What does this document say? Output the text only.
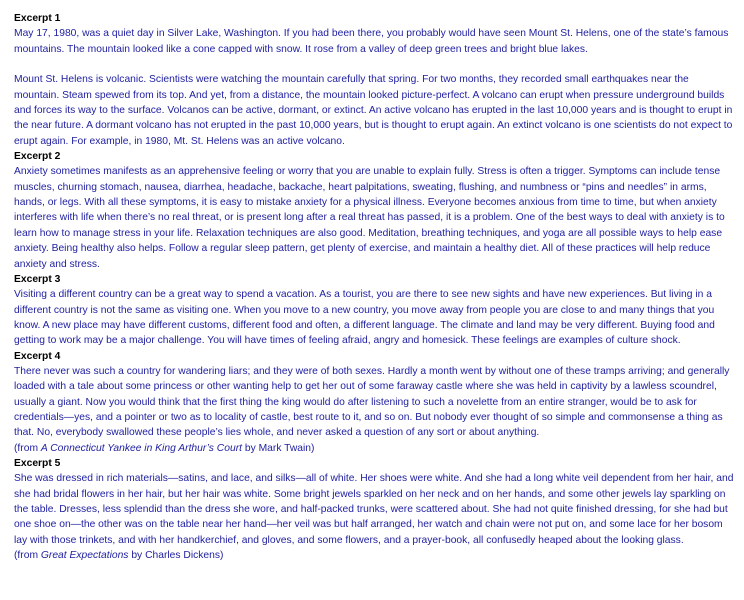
Excerpt 1

May 17, 1980, was a quiet day in Silver Lake, Washington. If you had been there, you probably would have seen Mount St. Helens, one of the state’s famous mountains. The mountain looked like a cone capped with snow. It rose from a valley of deep green trees and bright blue lakes.

Mount St. Helens is volcanic. Scientists were watching the mountain carefully that spring. For two months, they recorded small earthquakes near the mountain. Steam spewed from its top. And yet, from a distance, the mountain looked picture-perfect. A volcano can erupt when pressure underground builds and forces its way to the surface. Volcanos can be active, dormant, or extinct. An active volcano has erupted in the last 10,000 years and is thought to erupt in the near future. A dormant volcano has not erupted in the past 10,000 years, but is thought to erupt again. An extinct volcano is one scientists do not expect to erupt again. For example, in 1980, Mt. St. Helens was an active volcano.

Excerpt 2

Anxiety sometimes manifests as an apprehensive feeling or worry that you are unable to explain fully. Stress is often a trigger. Symptoms can include tense muscles, churning stomach, nausea, diarrhea, headache, backache, heart palpitations, sweating, flushing, and numbness or “pins and needles” in arms, hands, or legs. With all these symptoms, it is easy to mistake anxiety for a physical illness. Everyone becomes anxious from time to time, but when anxiety interferes with life when there’s no real threat, or is present long after a real threat has passed, it is a problem. One of the best ways to deal with anxiety is to learn how to manage stress in your life. Relaxation techniques are also good. Meditation, breathing techniques, and yoga are all possible ways to help ease anxiety. Being healthy also helps. Follow a regular sleep pattern, get plenty of exercise, and maintain a healthy diet. All of these practices will help reduce anxiety and stress.

Excerpt 3

Visiting a different country can be a great way to spend a vacation. As a tourist, you are there to see new sights and have new experiences. But living in a different country is not the same as visiting one. When you move to a new country, you move away from people you are close to and many things that you know. A new place may have different customs, different food and often, a different language. The climate and land may be very different. Buying food and getting to work may be a major challenge. You will have times of feeling afraid, angry and homesick. These feelings are examples of culture shock.

Excerpt 4

There never was such a country for wandering liars; and they were of both sexes. Hardly a month went by without one of these tramps arriving; and generally loaded with a tale about some princess or other wanting help to get her out of some faraway castle where she was held in captivity by a lawless scoundrel, usually a giant. Now you would think that the first thing the king would do after listening to such a novelette from an entire stranger, would be to ask for credentials—yes, and a pointer or two as to locality of castle, best route to it, and so on. But nobody ever thought of so simple and commonsense a thing as that. No, everybody swallowed these people’s lies whole, and never asked a question of any sort or about anything.

(from A Connecticut Yankee in King Arthur’s Court by Mark Twain)

Excerpt 5

She was dressed in rich materials—satins, and lace, and silks—all of white. Her shoes were white. And she had a long white veil dependent from her hair, and she had bridal flowers in her hair, but her hair was white. Some bright jewels sparkled on her neck and on her hands, and some other jewels lay sparkling on the table. Dresses, less splendid than the dress she wore, and half-packed trunks, were scattered about. She had not quite finished dressing, for she had but one shoe on—the other was on the table near her hand—her veil was but half arranged, her watch and chain were not put on, and some lace for her bosom lay with those trinkets, and with her handkerchief, and gloves, and some flowers, and a prayer-book, all confusedly heaped about the looking glass.

(from Great Expectations by Charles Dickens)
